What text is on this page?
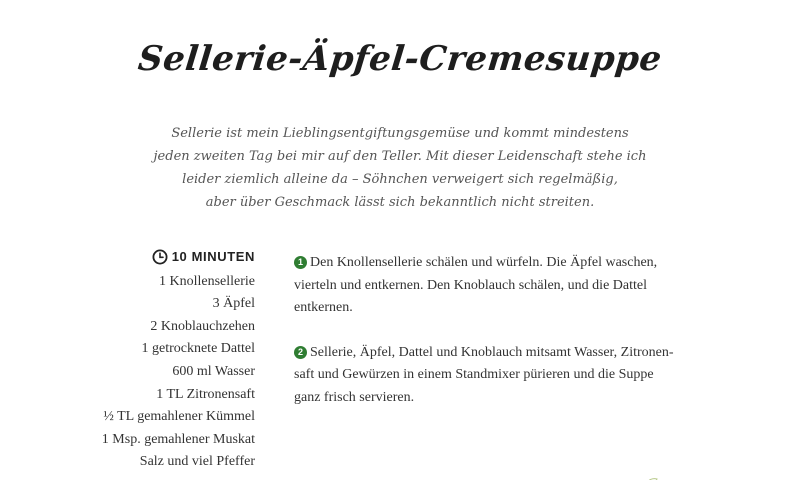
Sellerie-Äpfel-Cremesuppe
Sellerie ist mein Lieblingsentgiftungsgemüse und kommt mindestens
jeden zweiten Tag bei mir auf den Teller. Mit dieser Leidenschaft stehe ich
leider ziemlich alleine da – Söhnchen verweigert sich regelmäßig,
aber über Geschmack lässt sich bekanntlich nicht streiten.
10 MINUTEN
1 Knollensellerie
3 Äpfel
2 Knoblauchzehen
1 getrocknete Dattel
600 ml Wasser
1 TL Zitronensaft
½ TL gemahlener Kümmel
1 Msp. gemahlener Muskat
Salz und viel Pfeffer
1 Den Knollensellerie schälen und würfeln. Die Äpfel waschen,
vierteln und entkernen. Den Knoblauch schälen, und die Dattel
entkernen.
2 Sellerie, Äpfel, Dattel und Knoblauch mitsamt Wasser, Zitronen-
saft und Gewürzen in einem Standmixer pürieren und die Suppe
ganz frisch servieren.
